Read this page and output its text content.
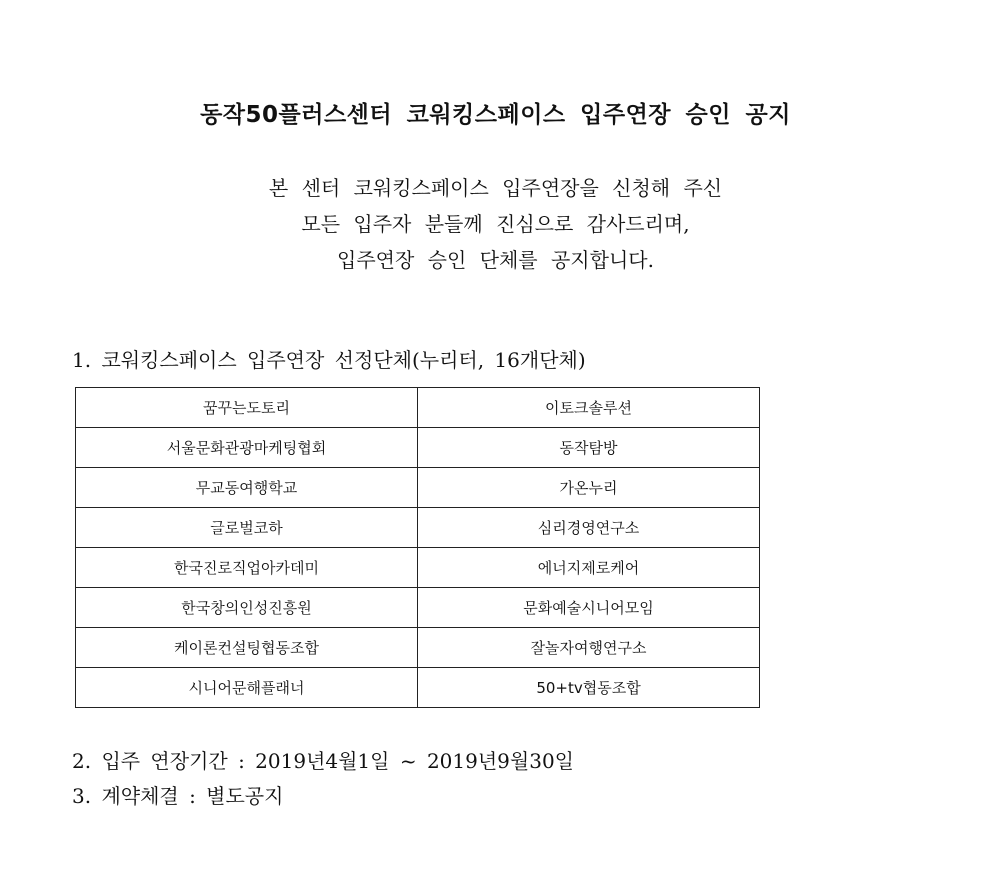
동작50플러스센터 코워킹스페이스 입주연장 승인 공지

본 센터 코워킹스페이스 입주연장을 신청해 주신

모든 입주자 분들께 진심으로 감사드리며,

입주연장 승인 단체를 공지합니다.

1. 코워킹스페이스 입주연장 선정단체(누리터, 16개단체)

꿈꾸는도토리	이토크솔루션
서울문화관광마케팅협회	동작탐방
무교동여행학교	가온누리
글로벌코하	심리경영연구소
한국진로직업아카데미	에너지제로케어
한국창의인성진흥원	문화예술시니어모임
케이론컨설팅협동조합	잘놀자여행연구소
시니어문해플래너	50+tv협동조합

2. 입주 연장기간 : 2019년4월1일 ~ 2019년9월30일

3. 계약체결 : 별도공지
